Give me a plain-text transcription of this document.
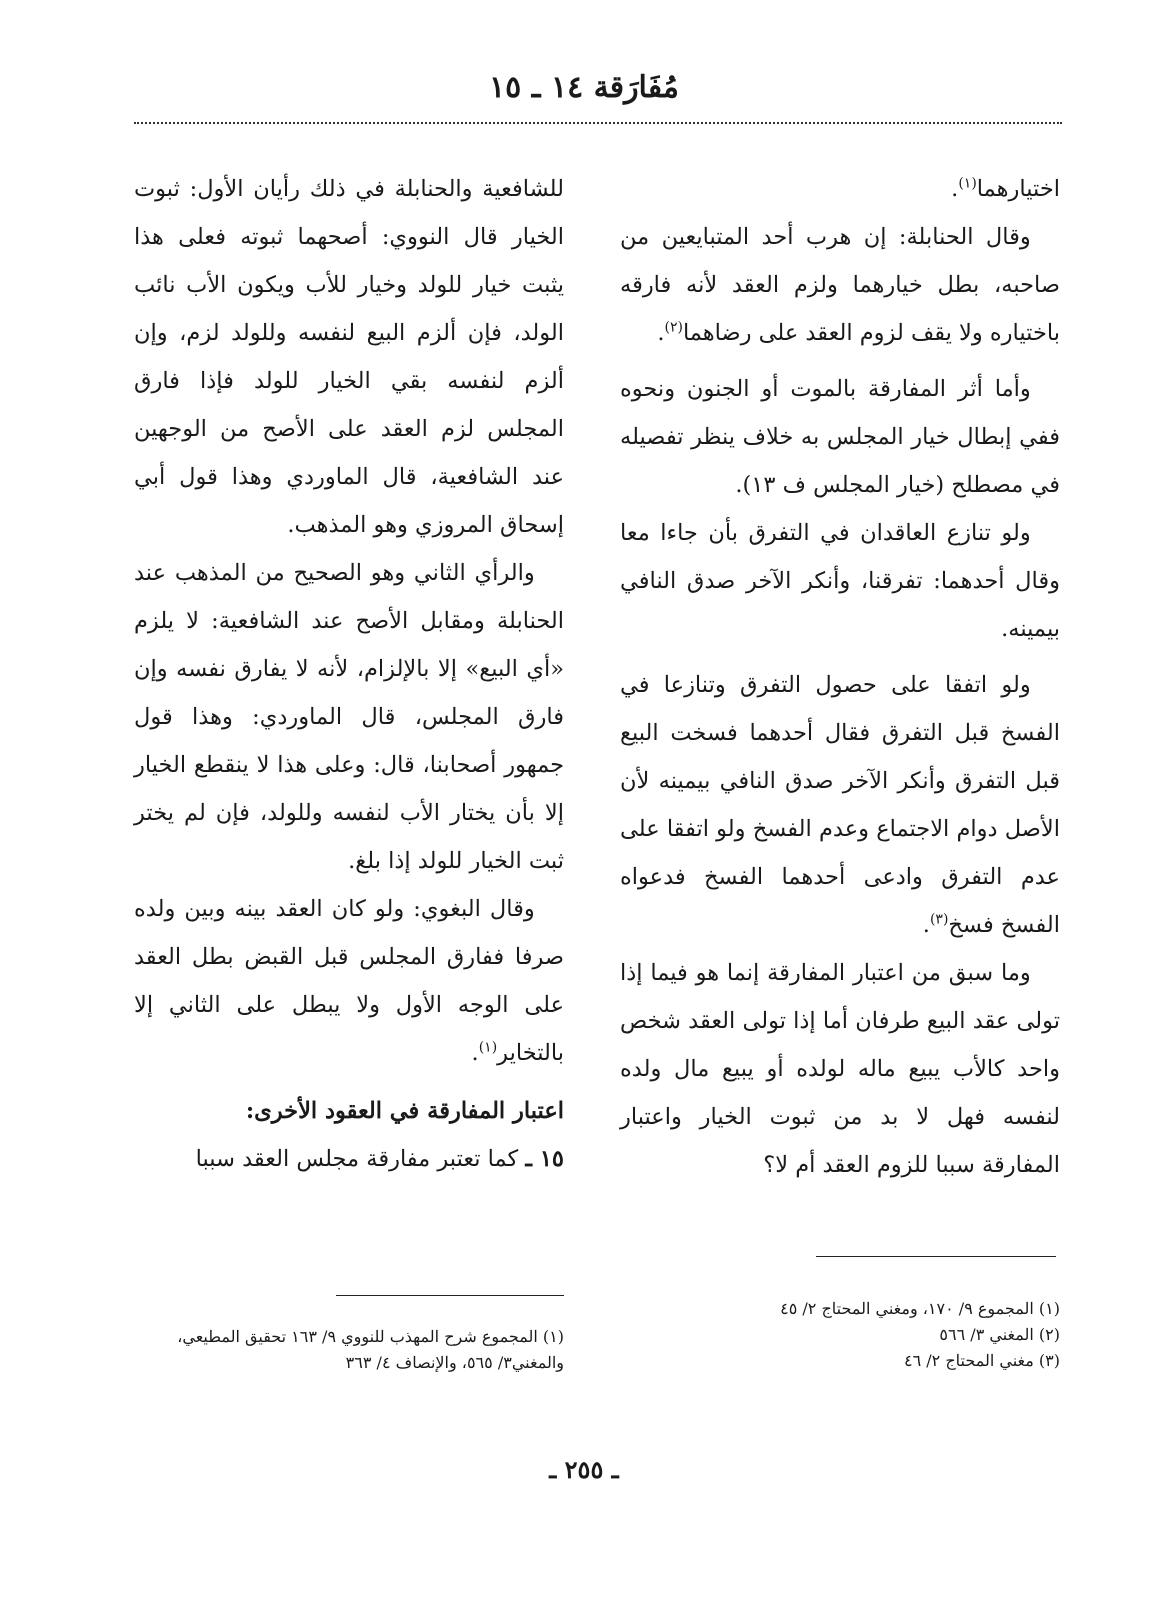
مُفَارَقة ١٤ ـ ١٥

اختيارهما$^{(١)}$.

وقال الحنابلة: إن هرب أحد المتبايعين من صاحبه، بطل خيارهما ولزم العقد لأنه فارقه باختياره ولا يقف لزوم العقد على رضاهما$^{(٢)}$.

وأما أثر المفارقة بالموت أو الجنون ونحوه ففي إبطال خيار المجلس به خلاف ينظر تفصيله في مصطلح (خيار المجلس ف ١٣).

ولو تنازع العاقدان في التفرق بأن جاءا معا وقال أحدهما: تفرقنا، وأنكر الآخر صدق النافي بيمينه.

ولو اتفقا على حصول التفرق وتنازعا في الفسخ قبل التفرق فقال أحدهما فسخت البيع قبل التفرق وأنكر الآخر صدق النافي بيمينه لأن الأصل دوام الاجتماع وعدم الفسخ ولو اتفقا على عدم التفرق وادعى أحدهما الفسخ فدعواه الفسخ فسخ$^{(٣)}$.

وما سبق من اعتبار المفارقة إنما هو فيما إذا تولى عقد البيع طرفان أما إذا تولى العقد شخص واحد كالأب يبيع ماله لولده أو يبيع مال ولده لنفسه فهل لا بد من ثبوت الخيار واعتبار المفارقة سببا للزوم العقد أم لا؟

للشافعية والحنابلة في ذلك رأيان الأول: ثبوت الخيار قال النووي: أصحهما ثبوته فعلى هذا يثبت خيار للولد وخيار للأب ويكون الأب نائب الولد، فإن ألزم البيع لنفسه وللولد لزم، وإن ألزم لنفسه بقي الخيار للولد فإذا فارق المجلس لزم العقد على الأصح من الوجهين عند الشافعية، قال الماوردي وهذا قول أبي إسحاق المروزي وهو المذهب.

والرأي الثاني وهو الصحيح من المذهب عند الحنابلة ومقابل الأصح عند الشافعية: لا يلزم «أي البيع» إلا بالإلزام، لأنه لا يفارق نفسه وإن فارق المجلس، قال الماوردي: وهذا قول جمهور أصحابنا، قال: وعلى هذا لا ينقطع الخيار إلا بأن يختار الأب لنفسه وللولد، فإن لم يختر ثبت الخيار للولد إذا بلغ.

وقال البغوي: ولو كان العقد بينه وبين ولده صرفا ففارق المجلس قبل القبض بطل العقد على الوجه الأول ولا يبطل على الثاني إلا بالتخاير$^{(١)}$.

اعتبار المفارقة في العقود الأخرى:

١٥ ـ كما تعتبر مفارقة مجلس العقد سببا

(١) المجموع ٩/ ١٧٠، ومغني المحتاج ٢/ ٤٥

(٢) المغني ٣/ ٥٦٦

(٣) مغني المحتاج ٢/ ٤٦

(١) المجموع شرح المهذب للنووي ٩/ ١٦٣ تحقيق المطيعي، والمغني٣/ ٥٦٥، والإنصاف ٤/ ٣٦٣

ـ ٢٥٥ ـ
